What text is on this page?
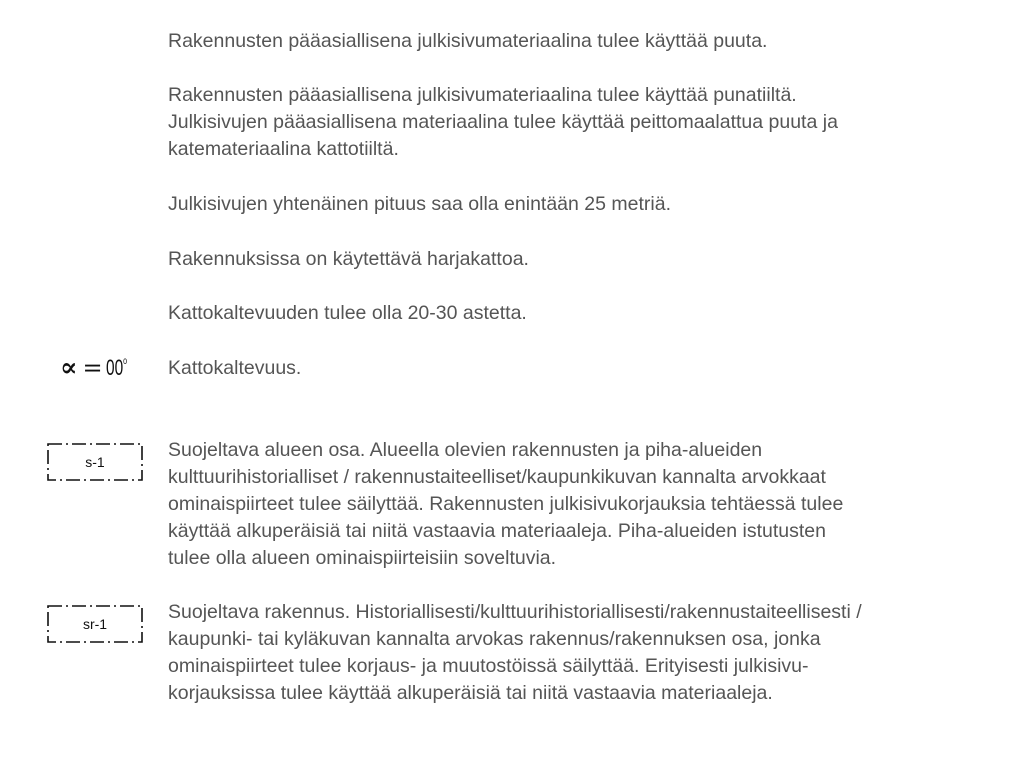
Rakennusten pääasiallisena julkisivumateriaalina tulee käyttää puuta.

Rakennusten pääasiallisena julkisivumateriaalina tulee käyttää punatiiltä.
Julkisivujen pääasiallisena materiaalina tulee käyttää peittomaalattua puuta ja
katemateriaalina kattotiiltä.

Julkisivujen yhtenäinen pituus saa olla enintään 25 metriä.

Rakennuksissa on käytettävä harjakattoa.

Kattokaltevuuden tulee olla 20-30 astetta.

∝ = $00^o$ Kattokaltevuus.

s-1

Suojeltava alueen osa. Alueella olevien rakennusten ja piha-alueiden
kulttuurihistorialliset / rakennustaiteelliset/kaupunkikuvan kannalta arvokkaat
ominaispiirteet tulee säilyttää. Rakennusten julkisivukorjauksia tehtäessä tulee
käyttää alkuperäisiä tai niitä vastaavia materiaaleja. Piha-alueiden istutusten
tulee olla alueen ominaispiirteisiin soveltuvia.

sr-1

Suojeltava rakennus. Historiallisesti/kulttuurihistoriallisesti/rakennustaiteellisesti /
kaupunki- tai kyläkuvan kannalta arvokas rakennus/rakennuksen osa, jonka
ominaispiirteet tulee korjaus- ja muutostöissä säilyttää. Erityisesti julkisivu-
korjauksissa tulee käyttää alkuperäisiä tai niitä vastaavia materiaaleja.
